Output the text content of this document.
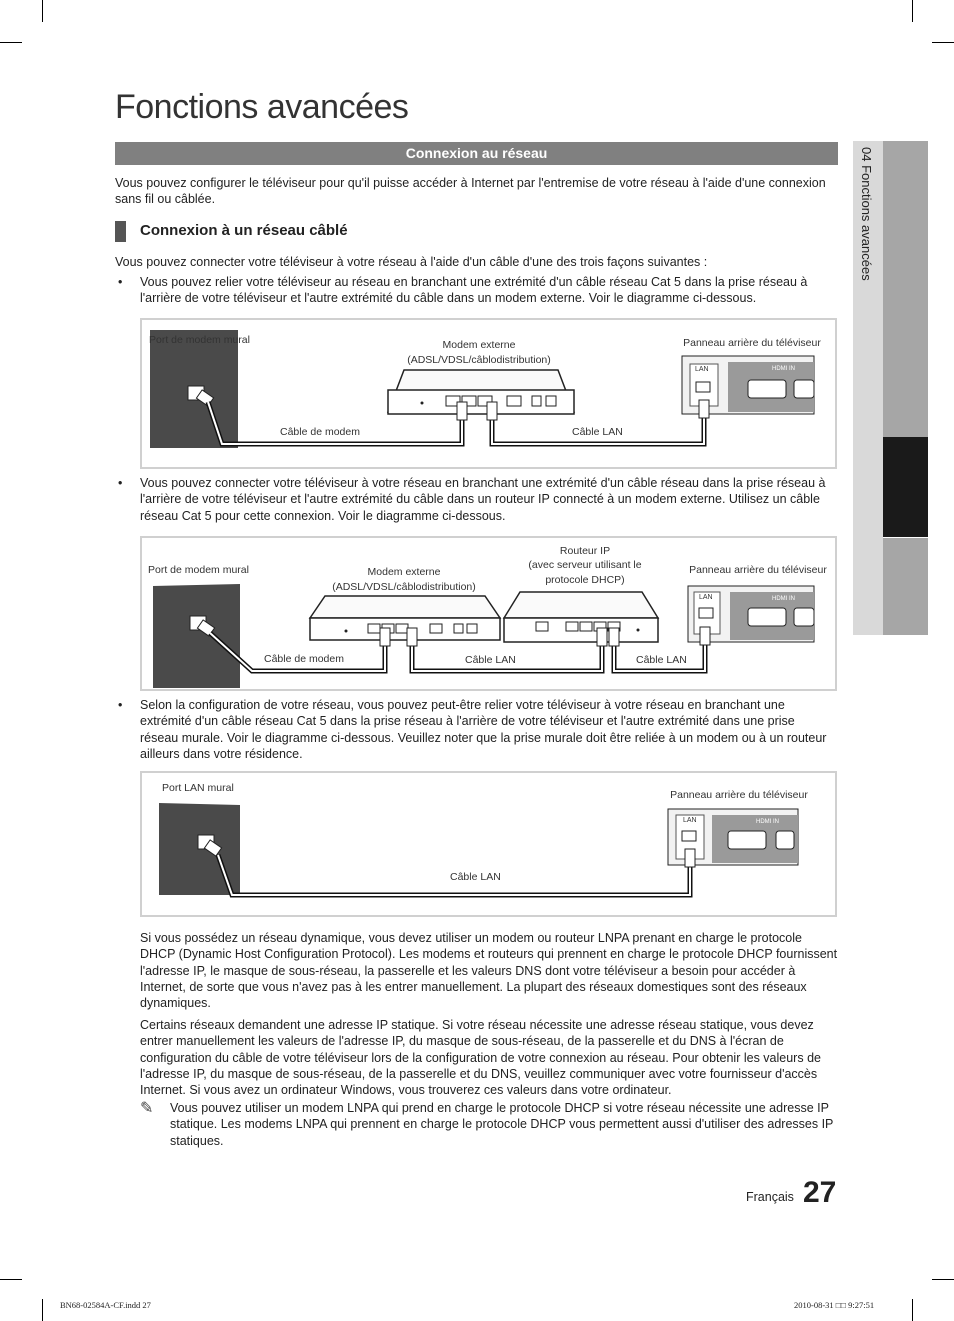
Fonctions avancées
Connexion au réseau

Vous pouvez configurer le téléviseur pour qu'il puisse accéder à Internet par l'entremise de votre réseau à l'aide d'une connexion sans fil ou câblée.

Connexion à un réseau câblé

Vous pouvez connecter votre téléviseur à votre réseau à l'aide d'un câble d'une des trois façons suivantes :

•	Vous pouvez relier votre téléviseur au réseau en branchant une extrémité d'un câble réseau Cat 5 dans la prise réseau à l'arrière de votre téléviseur et l'autre extrémité du câble dans un modem externe. Voir le diagramme ci-dessous.
LAN	HDMI IN
Port de modem mural	Modem externe
(ADSL/VDSL/câblodistribution)
Panneau arrière du téléviseur
Câble de modem	Câble LAN
•	Vous pouvez connecter votre téléviseur à votre réseau en branchant une extrémité d'un câble réseau dans la prise réseau à l'arrière de votre téléviseur et l'autre extrémité du câble dans un routeur IP connecté à un modem externe. Utilisez un câble réseau Cat 5 pour cette connexion. Voir le diagramme ci-dessous.
LAN	HDMI IN
Port de modem mural	Modem externe
(ADSL/VDSL/câblodistribution)
Routeur IP
(avec serveur utilisant le
protocole DHCP)
Panneau arrière du téléviseur
Câble de modem	Câble LAN	Câble LAN
•	Selon la configuration de votre réseau, vous pouvez peut-être relier votre téléviseur à votre réseau en branchant une extrémité d'un câble réseau Cat 5 dans la prise réseau à l'arrière de votre téléviseur et l'autre extrémité dans une prise réseau murale. Voir le diagramme ci-dessous. Veuillez noter que la prise murale doit être reliée à un modem ou à un routeur ailleurs dans votre résidence.
LAN	HDMI IN
Port LAN mural
Panneau arrière du téléviseur
Câble LAN

Si vous possédez un réseau dynamique, vous devez utiliser un modem ou routeur LNPA prenant en charge le protocole DHCP (Dynamic Host Configuration Protocol). Les modems et routeurs qui prennent en charge le protocole DHCP fournissent l'adresse IP, le masque de sous-réseau, la passerelle et les valeurs DNS dont votre téléviseur a besoin pour accéder à Internet, de sorte que vous n'avez pas à les entrer manuellement. La plupart des réseaux domestiques sont des réseaux dynamiques.

Certains réseaux demandent une adresse IP statique. Si votre réseau nécessite une adresse réseau statique, vous devez entrer manuellement les valeurs de l'adresse IP, du masque de sous-réseau, de la passerelle et du DNS à l'écran de configuration du câble de votre téléviseur lors de la configuration de votre connexion au réseau. Pour obtenir les valeurs de l'adresse IP, du masque de sous-réseau, de la passerelle et du DNS, veuillez communiquer avec votre fournisseur d'accès Internet. Si vous avez un ordinateur Windows, vous trouverez ces valeurs dans votre ordinateur.

✎ Vous pouvez utiliser un modem LNPA qui prend en charge le protocole DHCP si votre réseau nécessite une adresse IP statique. Les modems LNPA qui prennent en charge le protocole DHCP vous permettent aussi d'utiliser des adresses IP statiques.

04 Fonctions avancées
Français 27
BN68-02584A-CF.indd 27	2010-08-31 □□ 9:27:51
